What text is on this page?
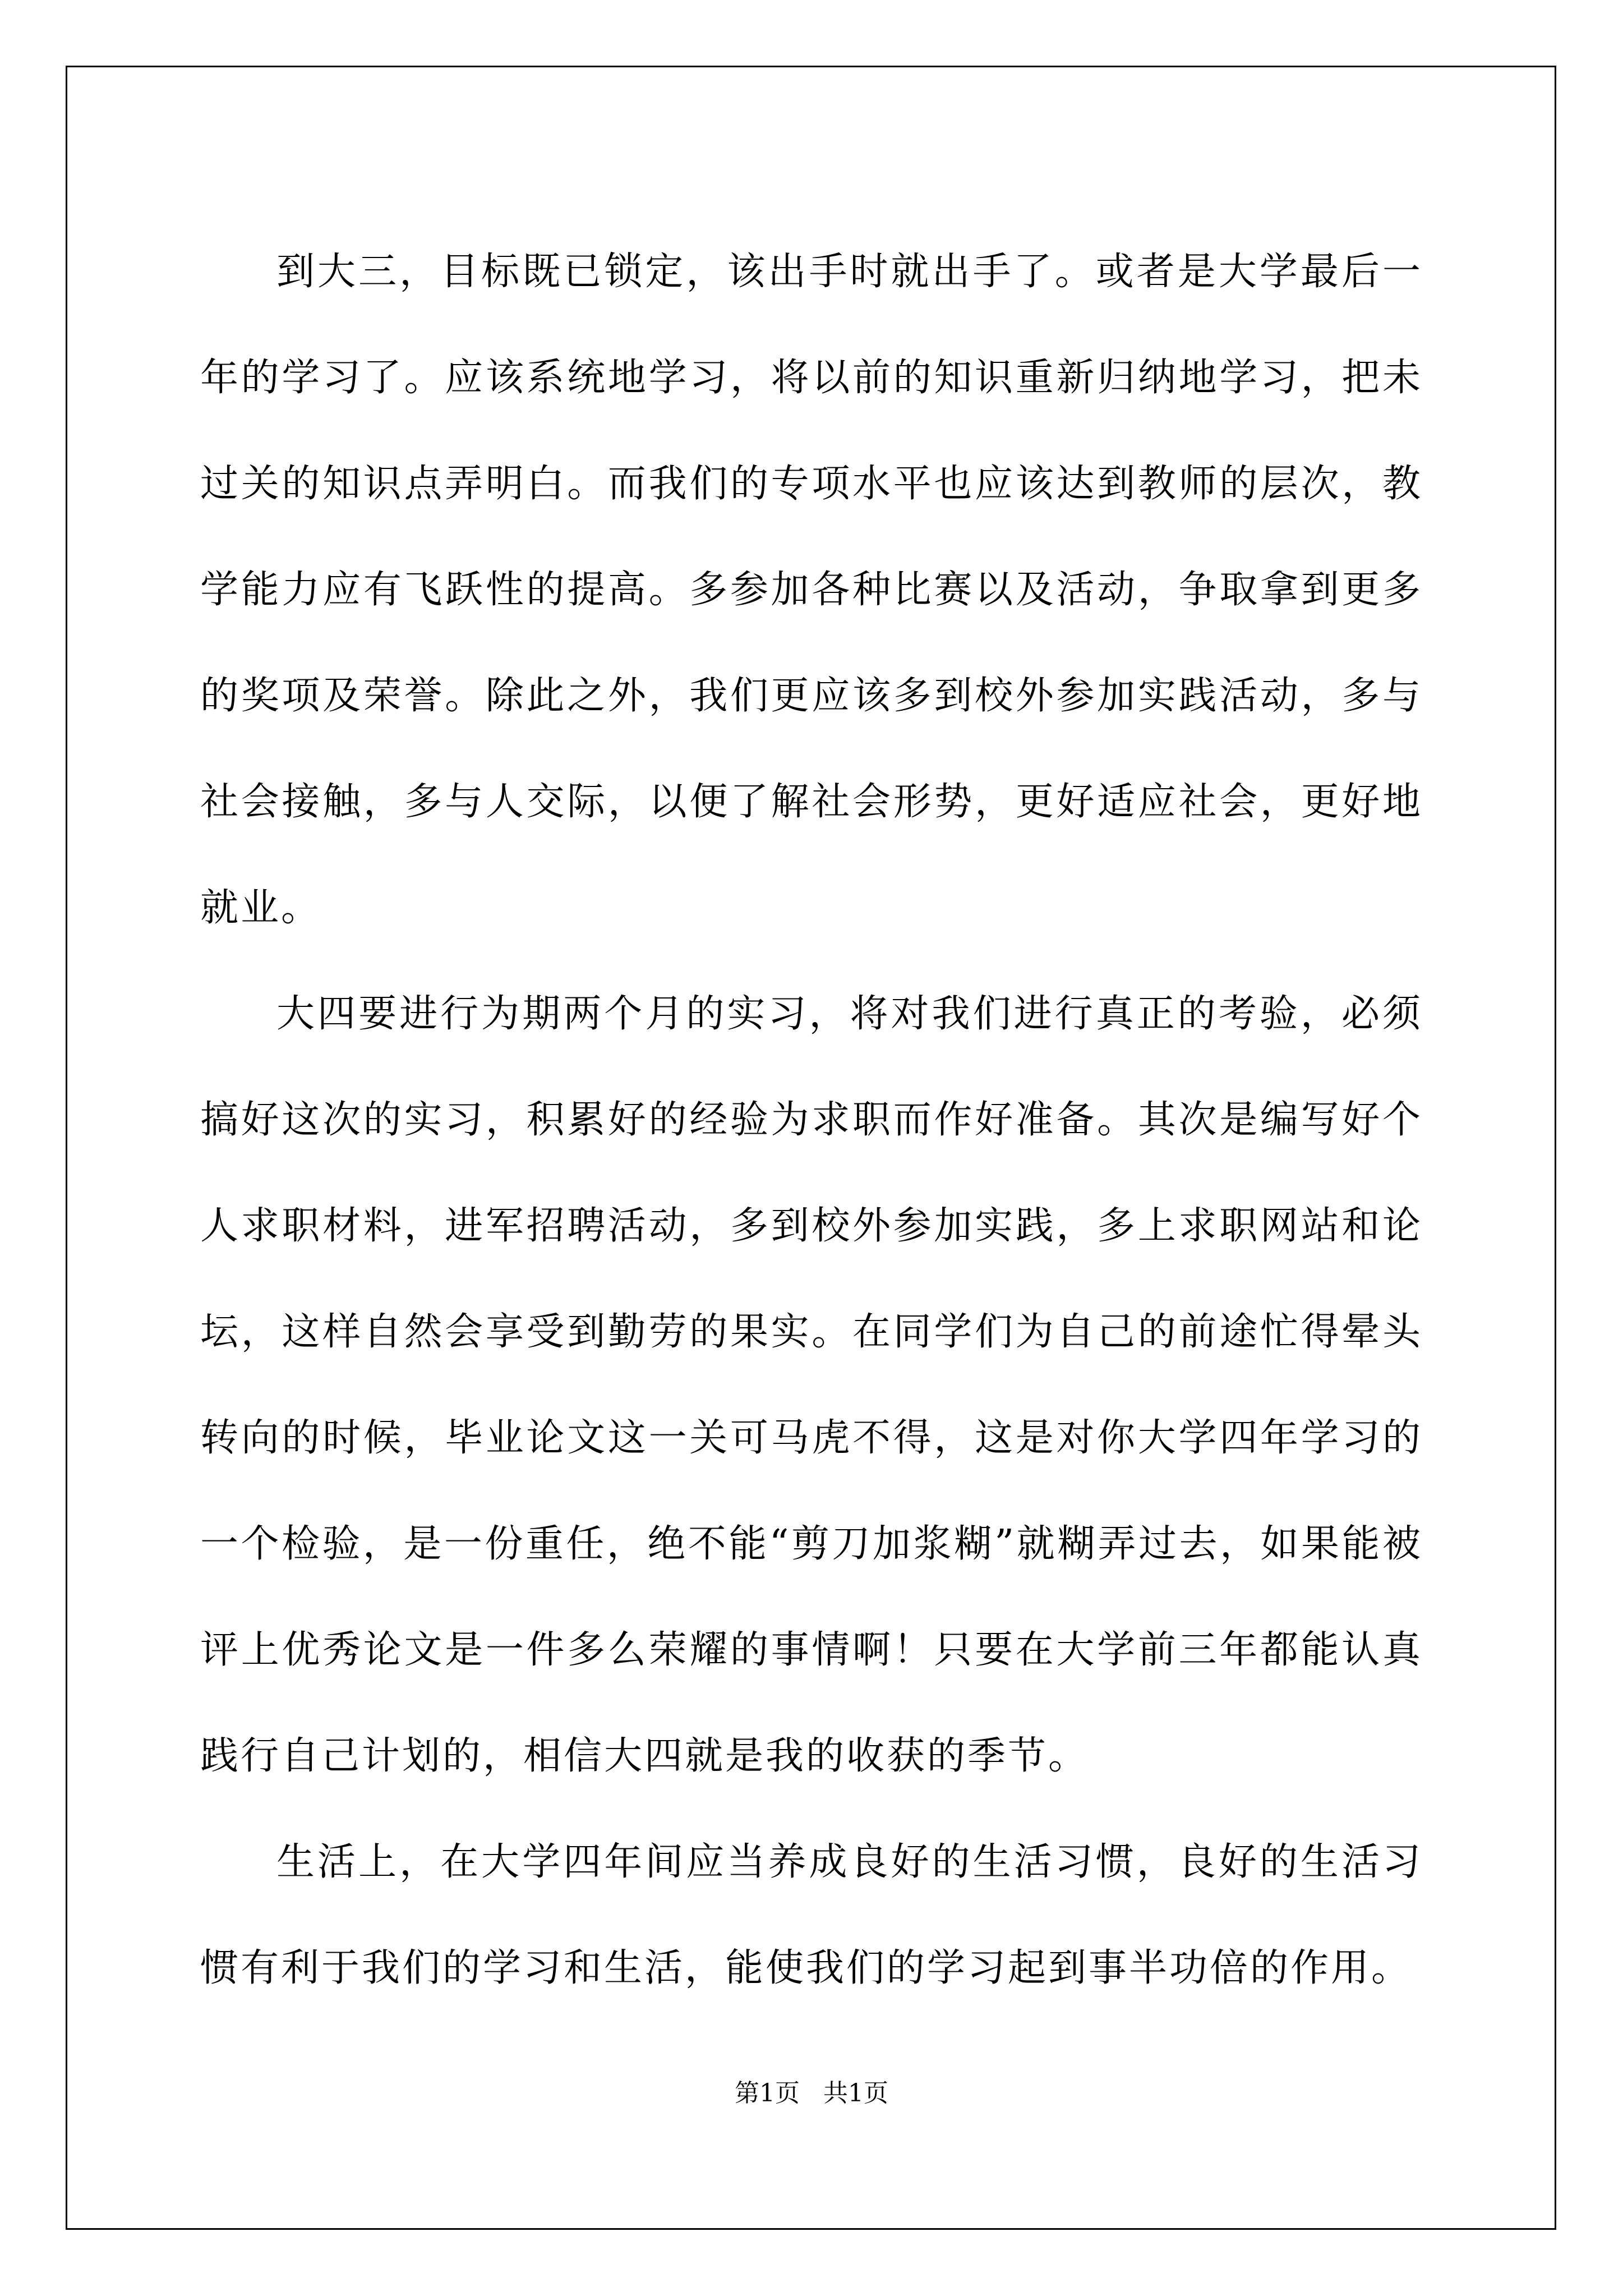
到大三，目标既已锁定，该出手时就出手了。或者是大学最后一年的学习了。应该系统地学习，将以前的知识重新归纳地学习，把未过关的知识点弄明白。而我们的专项水平也应该达到教师的层次，教学能力应有飞跃性的提高。多参加各种比赛以及活动，争取拿到更多的奖项及荣誉。除此之外，我们更应该多到校外参加实践活动，多与社会接触，多与人交际，以便了解社会形势，更好适应社会，更好地就业。

大四要进行为期两个月的实习，将对我们进行真正的考验，必须搞好这次的实习，积累好的经验为求职而作好准备。其次是编写好个人求职材料，进军招聘活动，多到校外参加实践，多上求职网站和论坛，这样自然会享受到勤劳的果实。在同学们为自己的前途忙得晕头转向的时候，毕业论文这一关可马虎不得，这是对你大学四年学习的一个检验，是一份重任，绝不能“剪刀加浆糊”就糊弄过去，如果能被评上优秀论文是一件多么荣耀的事情啊！只要在大学前三年都能认真践行自己计划的，相信大四就是我的收获的季节。

生活上，在大学四年间应当养成良好的生活习惯，良好的生活习惯有利于我们的学习和生活，能使我们的学习起到事半功倍的作用。

第1页   共1页
